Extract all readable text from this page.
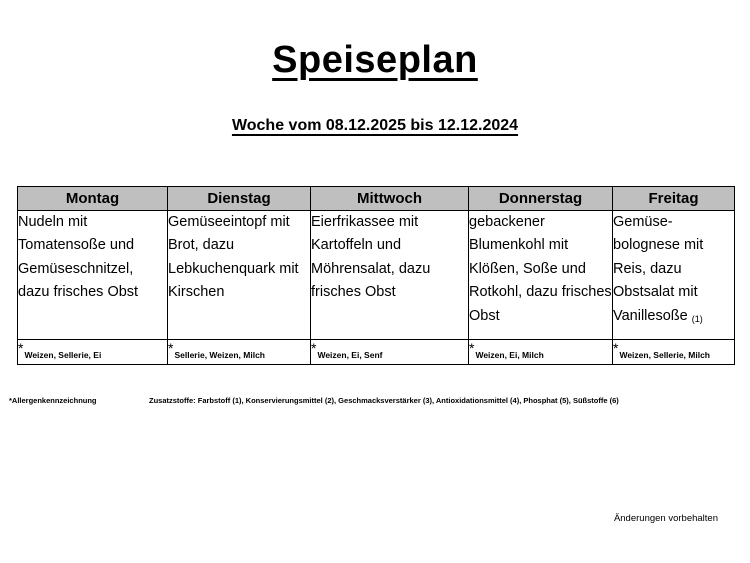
Speiseplan
Woche vom 08.12.2025 bis 12.12.2024
Montag	Dienstag	Mittwoch	Donnerstag	Freitag
Nudeln mit Tomatensoße und Gemüseschnitzel, dazu frisches Obst	Gemüseeintopf mit Brot, dazu Lebkuchenquark mit Kirschen	Eierfrikassee mit Kartoffeln und Möhrensalat, dazu frisches Obst	gebackener Blumenkohl mit Klößen, Soße und Rotkohl, dazu frisches Obst	Gemüse-bolognese mit Reis, dazu Obstsalat mit Vanillesoße (1)
$*_{Weizen, Sellerie, Ei}$	$*_{Sellerie, Weizen, Milch}$	$*_{Weizen, Ei, Senf}$	$*_{Weizen, Ei, Milch}$	$*_{Weizen, Sellerie, Milch}$
*Allergenkennzeichnung	Zusatzstoffe: Farbstoff (1), Konservierungsmittel (2), Geschmacksverstärker (3), Antioxidationsmittel (4), Phosphat (5), Süßstoffe (6)
Änderungen vorbehalten
